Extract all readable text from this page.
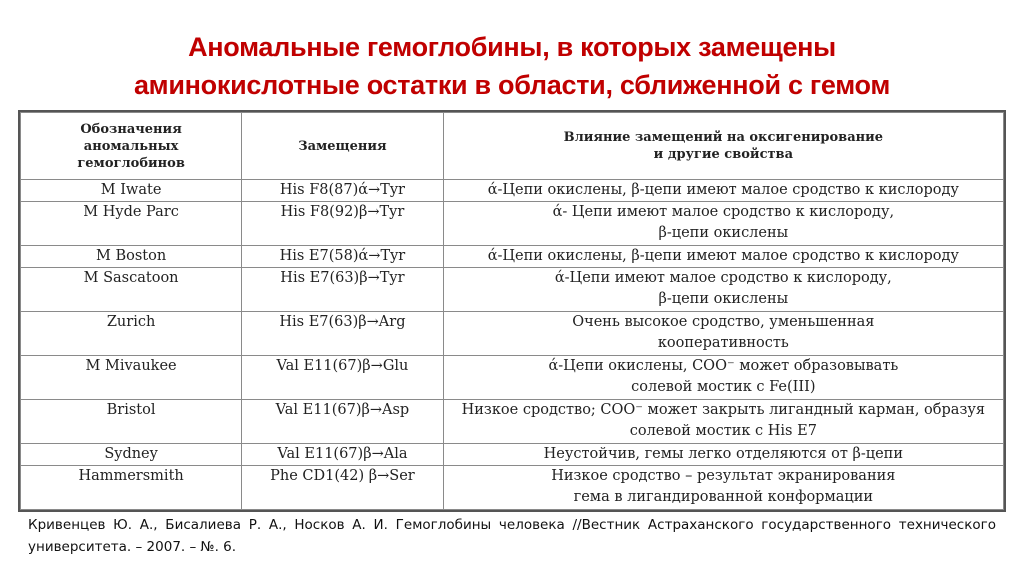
Аномальные гемоглобины, в которых замещены
аминокислотные остатки в области, сближенной с гемом
Обозначения
аномальных
гемоглобинов	Замещения	Влияние замещений на оксигенирование
и другие свойства

M Iwate	His F8(87)ά→Tyr	ά-Цепи окислены, β-цепи имеют малое сродство к кислороду

M Hyde Parc	His F8(92)β→Tyr	ά- Цепи имеют малое сродство к кислороду,
β-цепи окислены

M Boston	His E7(58)ά→Tyr	ά-Цепи окислены, β-цепи имеют малое сродство к кислороду

M Sascatoon	His E7(63)β→Tyr	ά-Цепи имеют малое сродство к кислороду,
β-цепи окислены

Zurich	His E7(63)β→Arg	Очень высокое сродство, уменьшенная
кооперативность

M Mivaukee	Val E11(67)β→Glu	ά-Цепи окислены, COO⁻ может образовывать
солевой мостик с Fe(III)

Bristol	Val E11(67)β→Asp	Низкое сродство; COO⁻ может закрыть лигандный карман, образуя
солевой мостик с His E7

Sydney	Val E11(67)β→Ala	Неустойчив, гемы легко отделяются от β-цепи

Hammersmith	Phe CD1(42) β→Ser	Низкое сродство – результат экранирования
гема в лигандированной конформации
Кривенцев Ю. А., Бисалиева Р. А., Носков А. И. Гемоглобины человека //Вестник Астраханского государственного технического университета. – 2007. – №. 6.
